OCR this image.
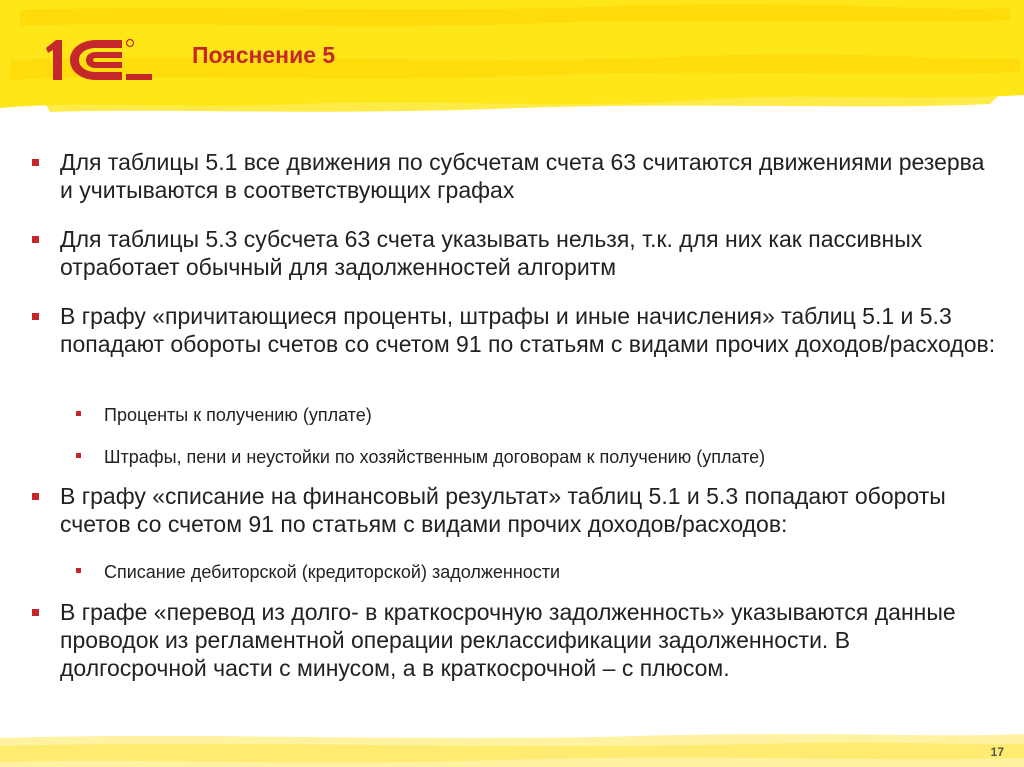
Пояснение 5
Для таблицы 5.1 все движения по субсчетам счета 63 считаются движениями резерва и учитываются в соответствующих графах
Для таблицы 5.3 субсчета 63 счета указывать нельзя, т.к. для них как пассивных отработает обычный для задолженностей алгоритм
В графу «причитающиеся проценты, штрафы и иные начисления» таблиц 5.1 и 5.3 попадают обороты счетов со счетом 91 по статьям с видами прочих доходов/расходов:
Проценты к получению (уплате)
Штрафы, пени и неустойки по хозяйственным договорам к получению (уплате)
В графу «списание на финансовый результат» таблиц 5.1 и 5.3 попадают обороты счетов со счетом 91 по статьям с видами прочих доходов/расходов:
Списание дебиторской (кредиторской) задолженности
В графе «перевод из долго- в краткосрочную задолженность» указываются данные проводок из регламентной операции реклассификации задолженности. В долгосрочной части с минусом, а в краткосрочной – с плюсом.
17
